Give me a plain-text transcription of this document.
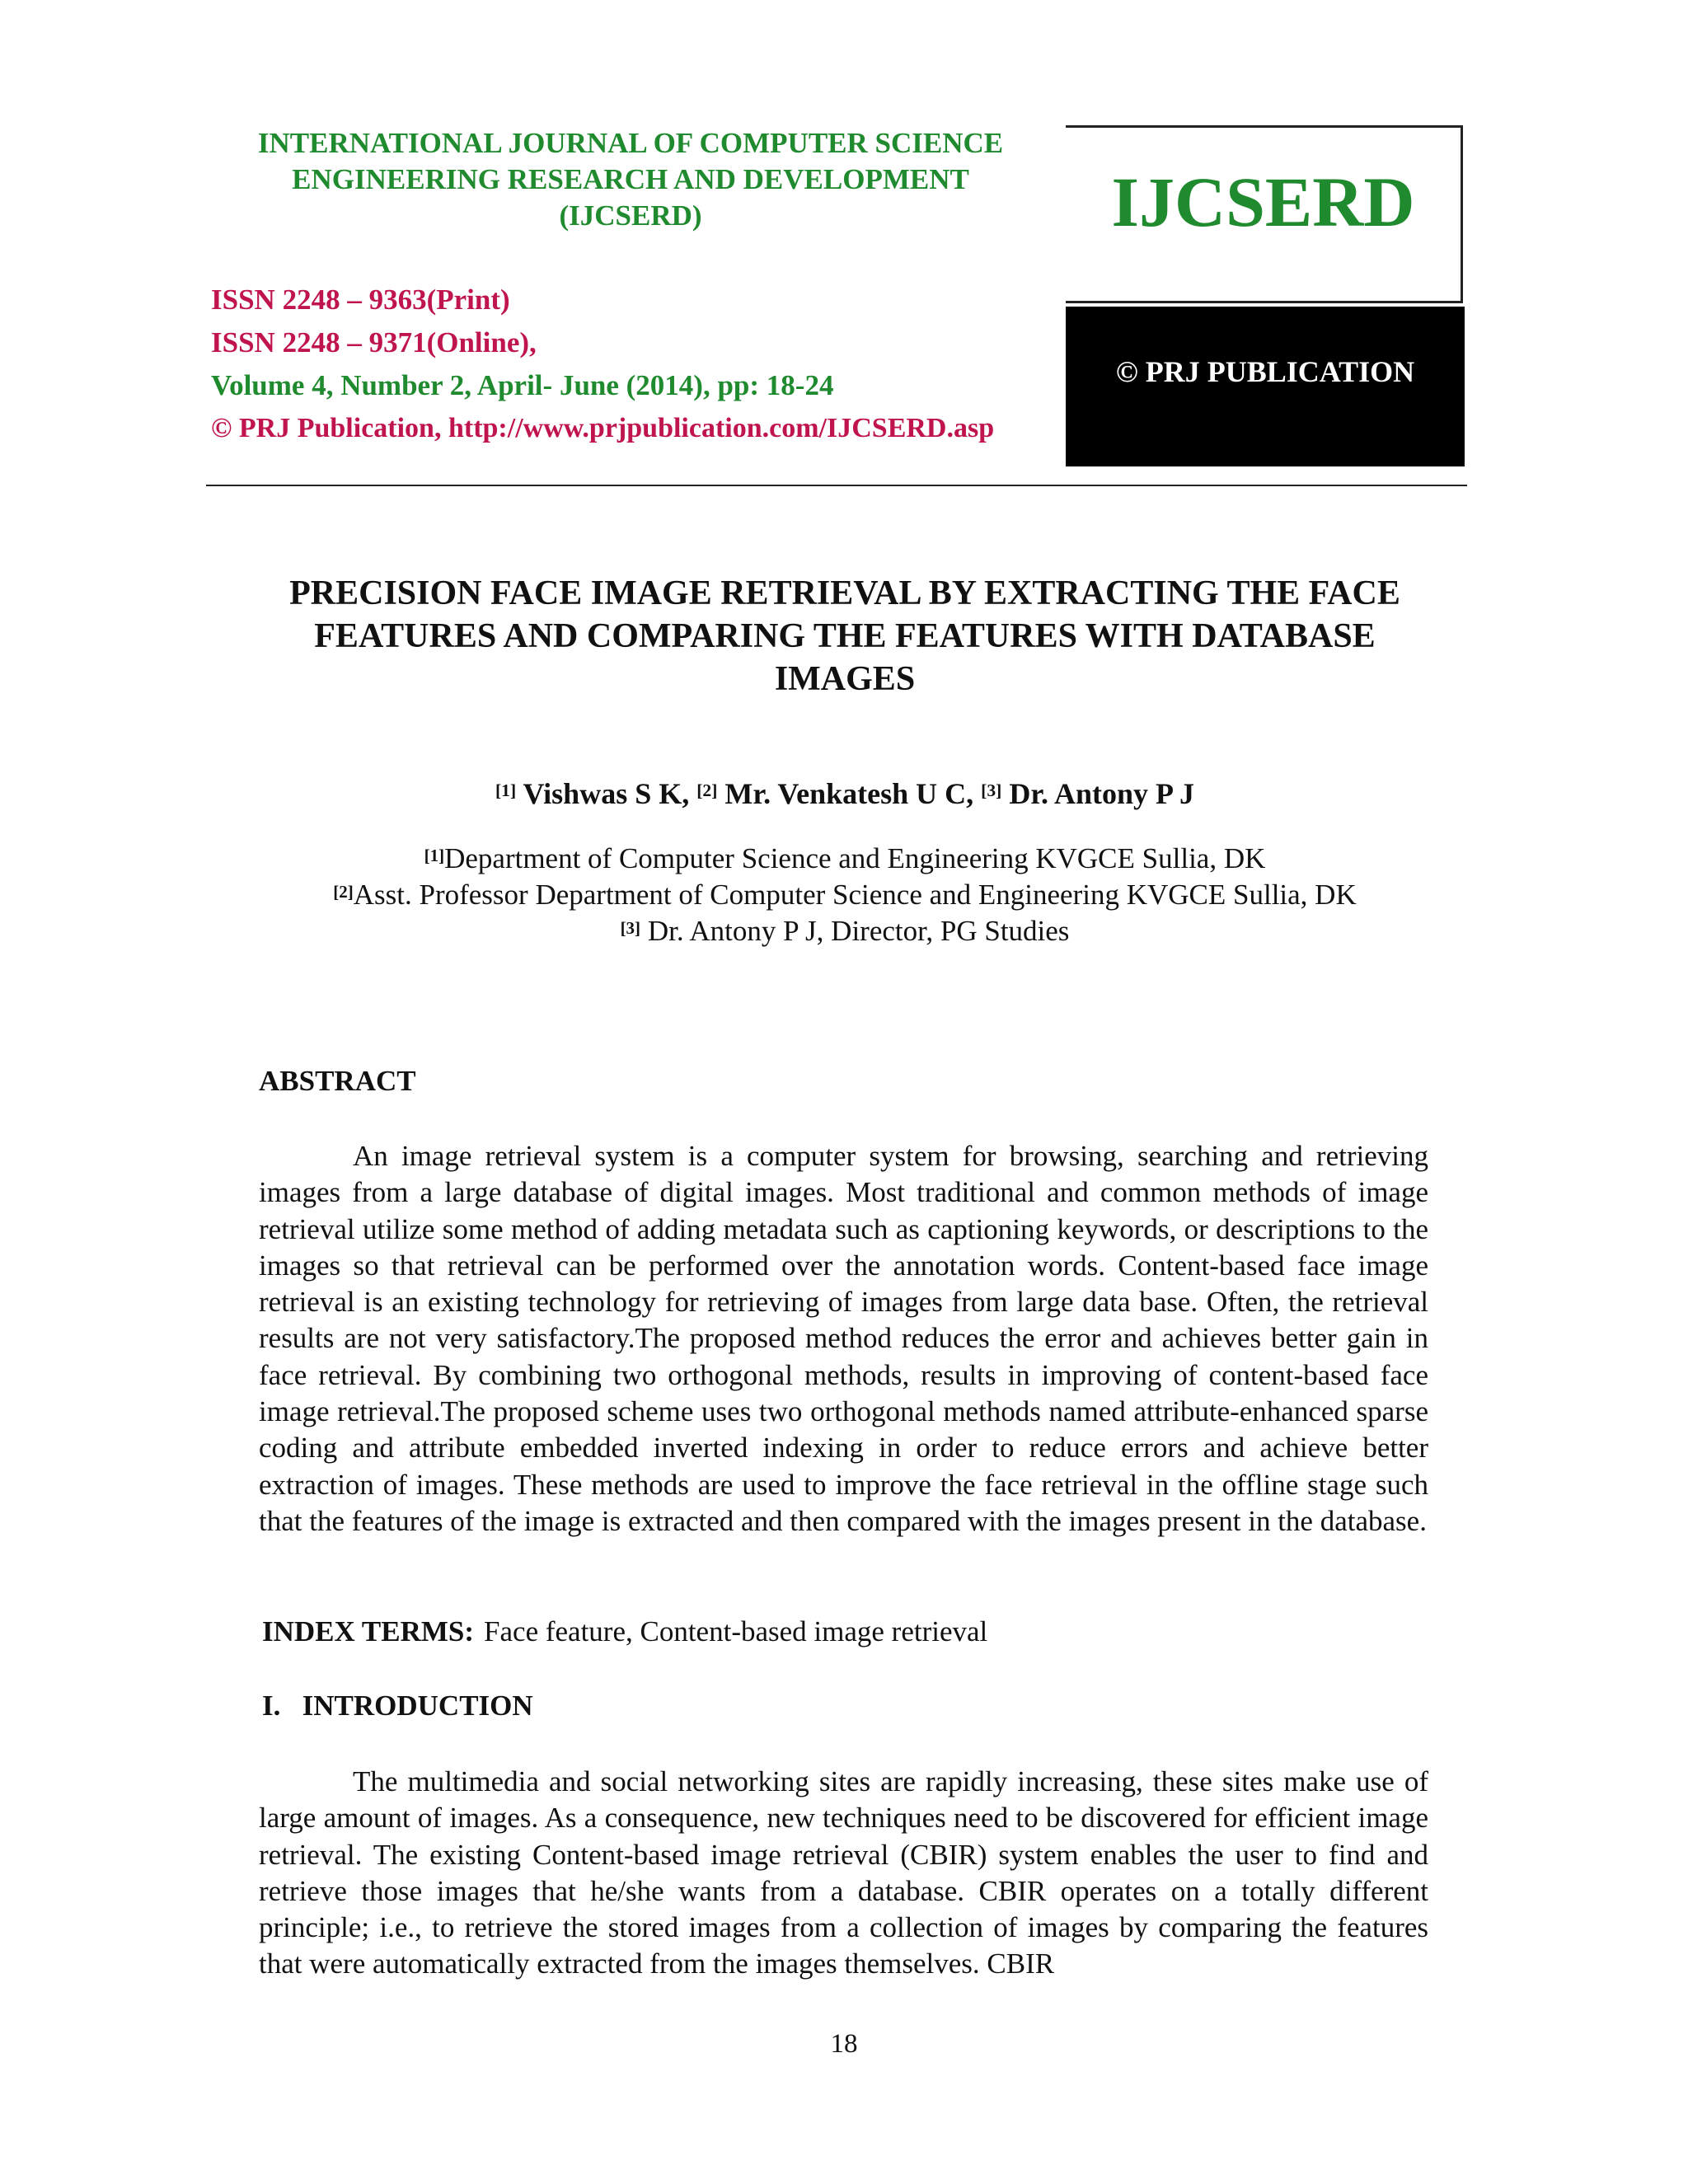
INTERNATIONAL JOURNAL OF COMPUTER SCIENCE
ENGINEERING RESEARCH AND DEVELOPMENT
(IJCSERD)
ISSN 2248 – 9363(Print)
ISSN 2248 – 9371(Online),
Volume 4, Number 2, April- June (2014), pp: 18-24
© PRJ Publication, http://www.prjpublication.com/IJCSERD.asp
IJCSERD
© PRJ PUBLICATION
PRECISION FACE IMAGE RETRIEVAL BY EXTRACTING THE FACE
FEATURES AND COMPARING THE FEATURES WITH DATABASE
IMAGES
[1] Vishwas S K, [2] Mr. Venkatesh U C, [3] Dr. Antony P J
[1]Department of Computer Science and Engineering KVGCE Sullia, DK
[2]Asst. Professor Department of Computer Science and Engineering KVGCE Sullia, DK
[3] Dr. Antony P J, Director, PG Studies
ABSTRACT

An image retrieval system is a computer system for browsing, searching and retrieving images from a large database of digital images. Most traditional and common methods of image retrieval utilize some method of adding metadata such as captioning keywords, or descriptions to the images so that retrieval can be performed over the annotation words. Content-based face image retrieval is an existing technology for retrieving of images from large data base. Often, the retrieval results are not very satisfactory.The proposed method reduces the error and achieves better gain in face retrieval. By combining two orthogonal methods, results in improving of content-based face image retrieval.The proposed scheme uses two orthogonal methods named attribute-enhanced sparse coding and attribute embedded inverted indexing in order to reduce errors and achieve better extraction of images. These methods are used to improve the face retrieval in the offline stage such that the features of the image is extracted and then compared with the images present in the database.

INDEX TERMS: Face feature, Content-based image retrieval
I.   INTRODUCTION

The multimedia and social networking sites are rapidly increasing, these sites make use of large amount of images. As a consequence, new techniques need to be discovered for efficient image retrieval. The existing Content-based image retrieval (CBIR) system enables the user to find and retrieve those images that he/she wants from a database. CBIR operates on a totally different principle; i.e., to retrieve the stored images from a collection of images by comparing the features that were automatically extracted from the images themselves. CBIR

18
